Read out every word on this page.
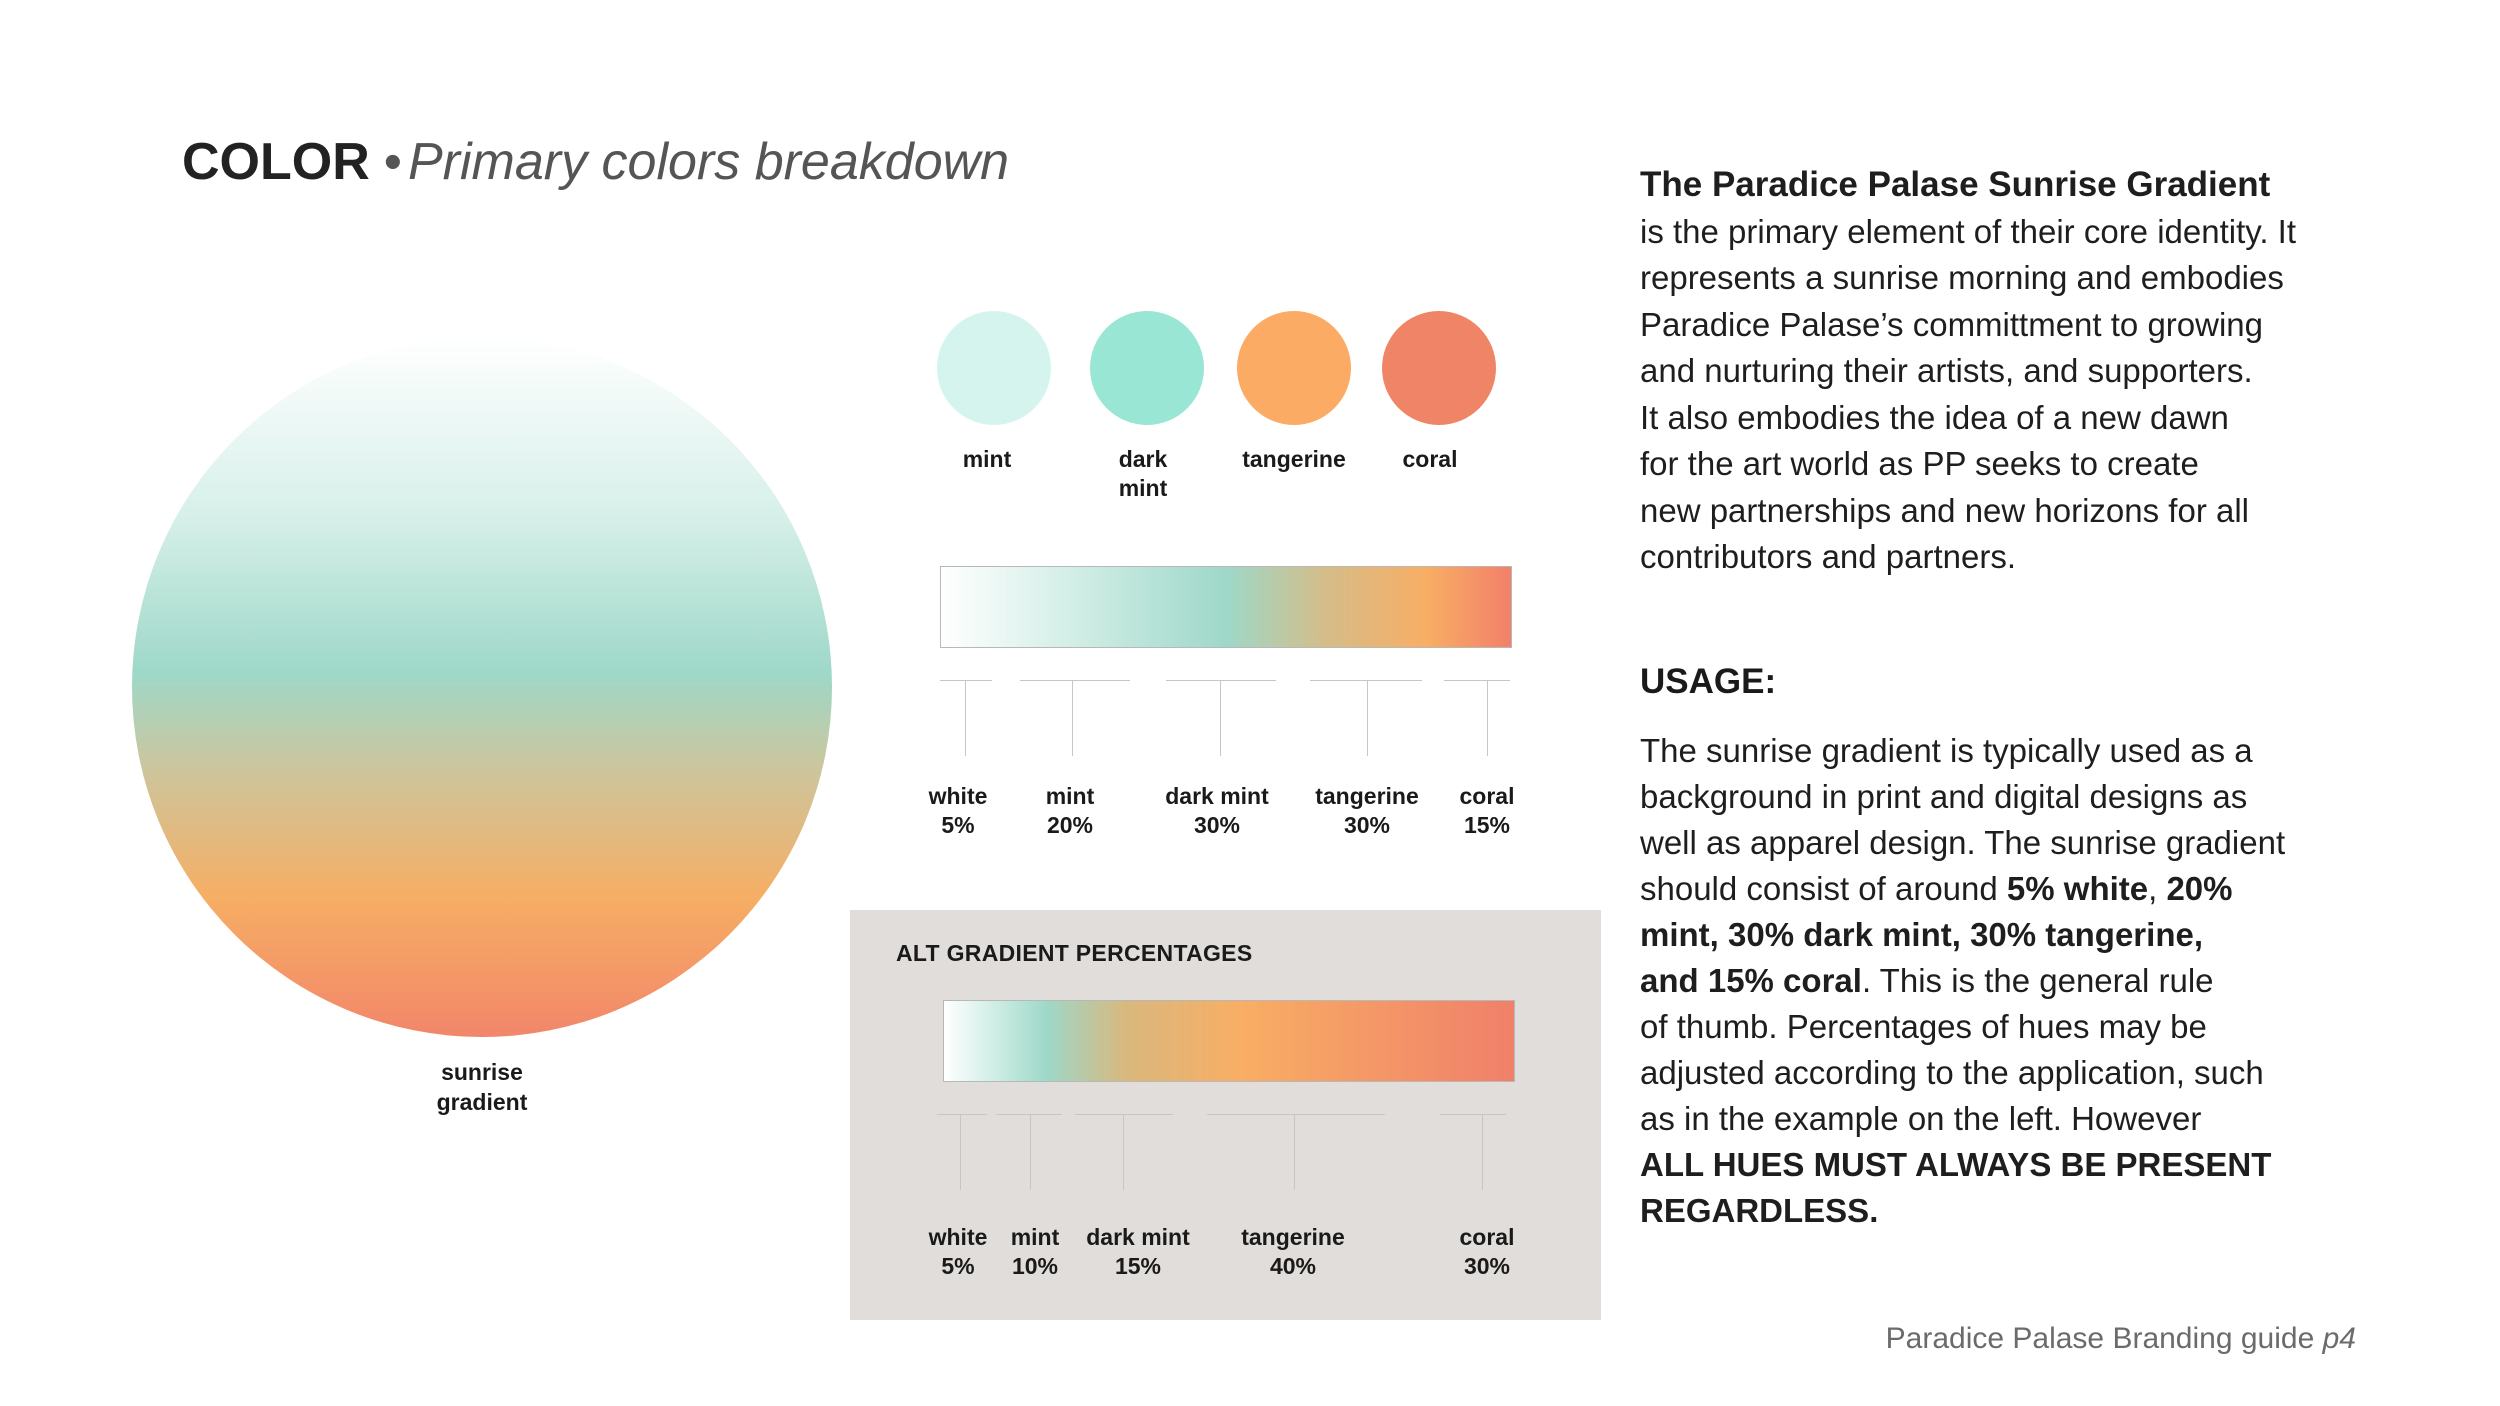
COLOR • Primary colors breakdown
sunrise
gradient
mint	dark
mint
tangerine	coral
white
5%
mint
20%
dark mint
30%
tangerine
30%
coral
15%
ALT GRADIENT PERCENTAGES
white
5%
mint
10%
dark mint
15%
tangerine
40%
coral
30%
The Paradice Palase Sunrise Gradient
is the primary element of their core identity. It
represents a sunrise morning and embodies
Paradice Palase’s committment to growing
and nurturing their artists, and supporters.
It also embodies the idea of a new dawn
for the art world as PP seeks to create
new partnerships and new horizons for all
contributors and partners.
USAGE:
The sunrise gradient is typically used as a
background in print and digital designs as
well as apparel design. The sunrise gradient
should consist of around 5% white, 20%
mint, 30% dark mint, 30% tangerine,
and 15% coral. This is the general rule
of thumb. Percentages of hues may be
adjusted according to the application, such
as in the example on the left. However
ALL HUES MUST ALWAYS BE PRESENT
REGARDLESS.
Paradice Palase Branding guide p4
